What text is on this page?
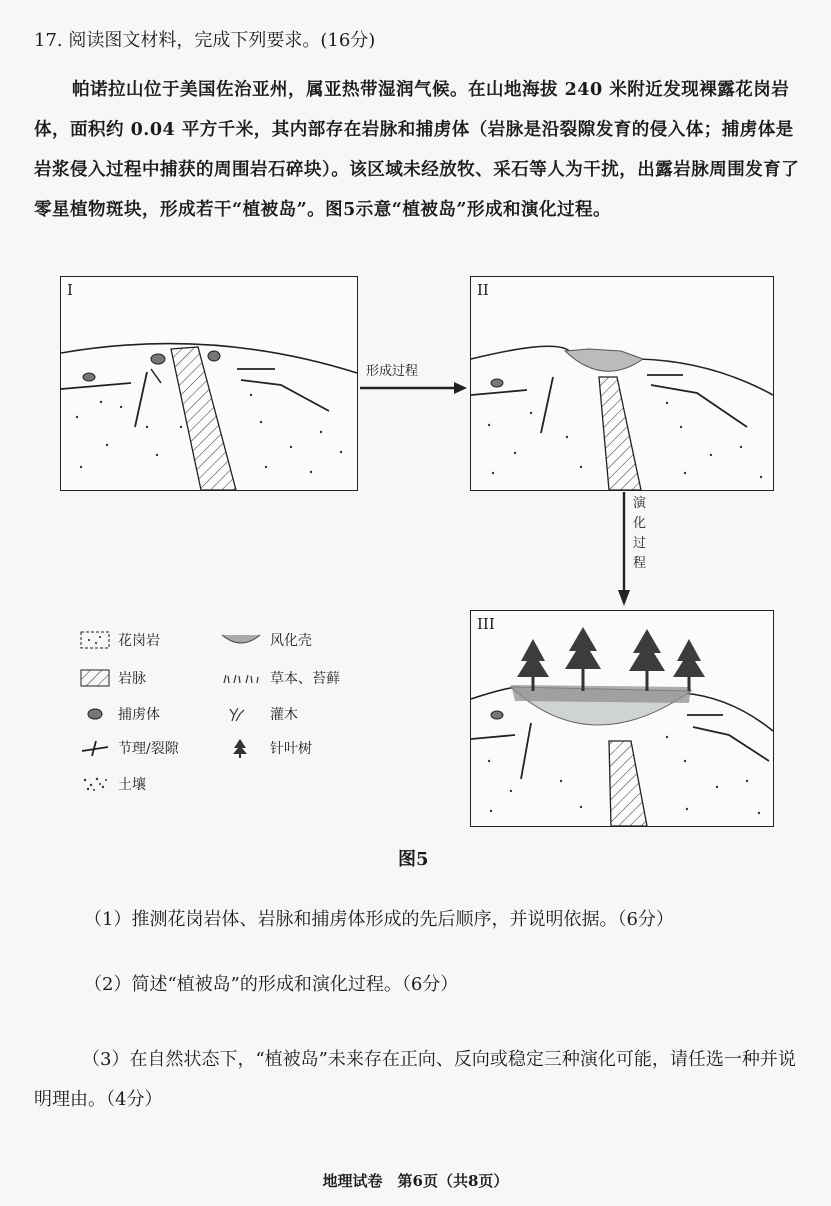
17. 阅读图文材料，完成下列要求。(16分)
帕诺拉山位于美国佐治亚州，属亚热带湿润气候。在山地海拔 240 米附近发现裸露花岗岩体，面积约 0.04 平方千米，其内部存在岩脉和捕虏体（岩脉是沿裂隙发育的侵入体；捕虏体是岩浆侵入过程中捕获的周围岩石碎块）。该区域未经放牧、采石等人为干扰，出露岩脉周围发育了零星植物斑块，形成若干“植被岛”。图5示意“植被岛”形成和演化过程。
I
形成过程
II
演化过程
花岗岩
岩脉
捕虏体
节理/裂隙
土壤
风化壳
草本、苔藓
灌木
针叶树
III
图5
（1）推测花岗岩体、岩脉和捕虏体形成的先后顺序，并说明依据。（6分）
（2）简述“植被岛”的形成和演化过程。（6分）
（3）在自然状态下，“植被岛”未来存在正向、反向或稳定三种演化可能，请任选一种并说明理由。（4分）
地理试卷　第6页（共8页）
